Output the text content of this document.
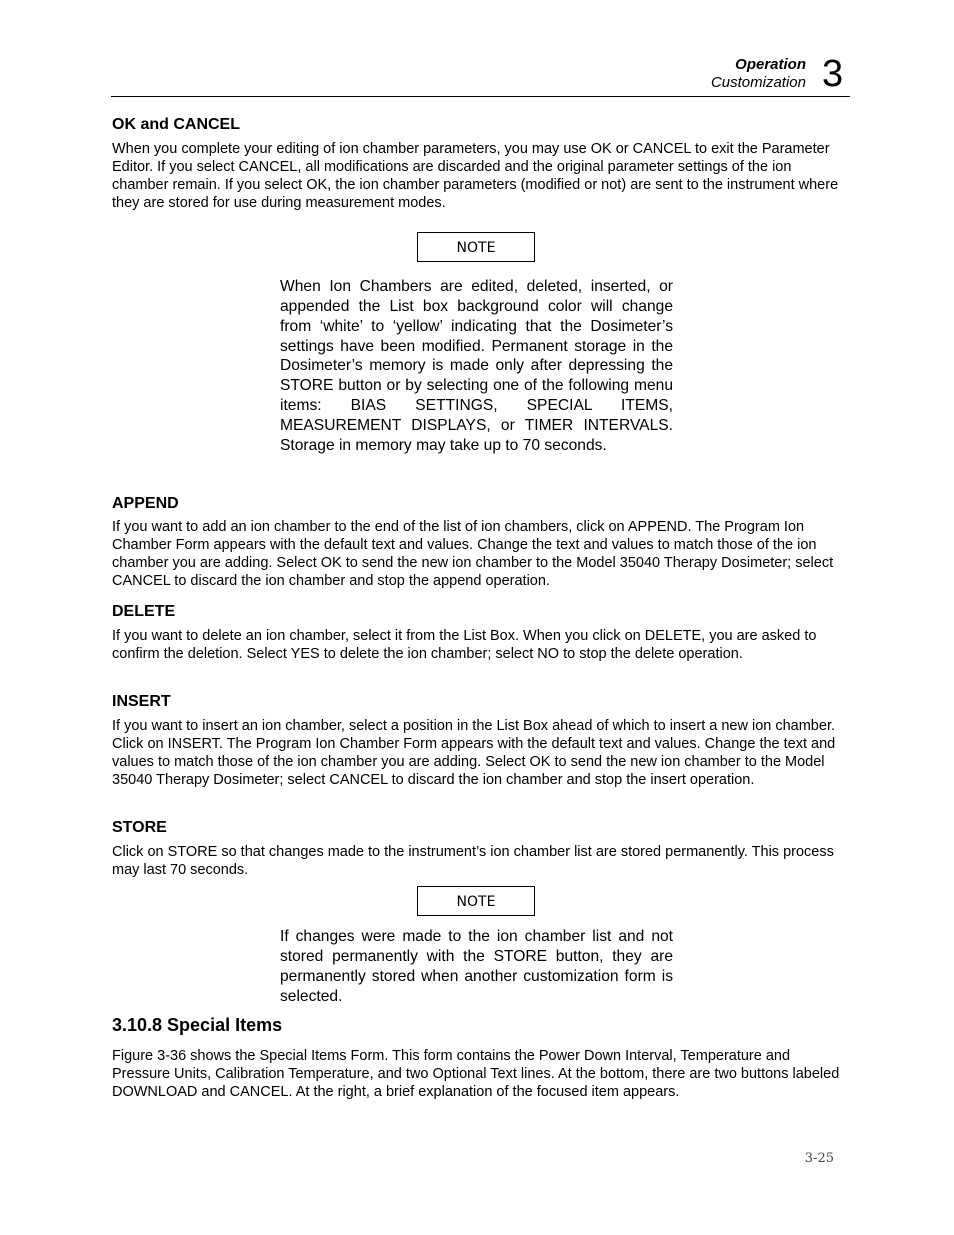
Operation
Customization 3
OK and CANCEL
When you complete your editing of ion chamber parameters, you may use OK or CANCEL to exit the Parameter Editor. If you select CANCEL, all modifications are discarded and the original parameter settings of the ion chamber remain. If you select OK, the ion chamber parameters (modified or not) are sent to the instrument where they are stored for use during measurement modes.
NOTE
When Ion Chambers are edited, deleted, inserted, or appended the List box background color will change from ‘white’ to ‘yellow’ indicating that the Dosimeter’s settings have been modified. Permanent storage in the Dosimeter’s memory is made only after depressing the STORE button or by selecting one of the following menu items: BIAS SETTINGS, SPECIAL ITEMS, MEASUREMENT DISPLAYS, or TIMER INTERVALS. Storage in memory may take up to 70 seconds.
APPEND
If you want to add an ion chamber to the end of the list of ion chambers, click on APPEND. The Program Ion Chamber Form appears with the default text and values. Change the text and values to match those of the ion chamber you are adding. Select OK to send the new ion chamber to the Model 35040 Therapy Dosimeter; select CANCEL to discard the ion chamber and stop the append operation.
DELETE
If you want to delete an ion chamber, select it from the List Box. When you click on DELETE, you are asked to confirm the deletion. Select YES to delete the ion chamber; select NO to stop the delete operation.
INSERT
If you want to insert an ion chamber, select a position in the List Box ahead of which to insert a new ion chamber. Click on INSERT. The Program Ion Chamber Form appears with the default text and values. Change the text and values to match those of the ion chamber you are adding. Select OK to send the new ion chamber to the Model 35040 Therapy Dosimeter; select CANCEL to discard the ion chamber and stop the insert operation.
STORE
Click on STORE so that changes made to the instrument’s ion chamber list are stored permanently. This process may last 70 seconds.
NOTE
If changes were made to the ion chamber list and not stored permanently with the STORE button, they are permanently stored when another customization form is selected.
3.10.8 Special Items
Figure 3-36 shows the Special Items Form. This form contains the Power Down Interval, Temperature and Pressure Units, Calibration Temperature, and two Optional Text lines. At the bottom, there are two buttons labeled DOWNLOAD and CANCEL. At the right, a brief explanation of the focused item appears.
3-25
